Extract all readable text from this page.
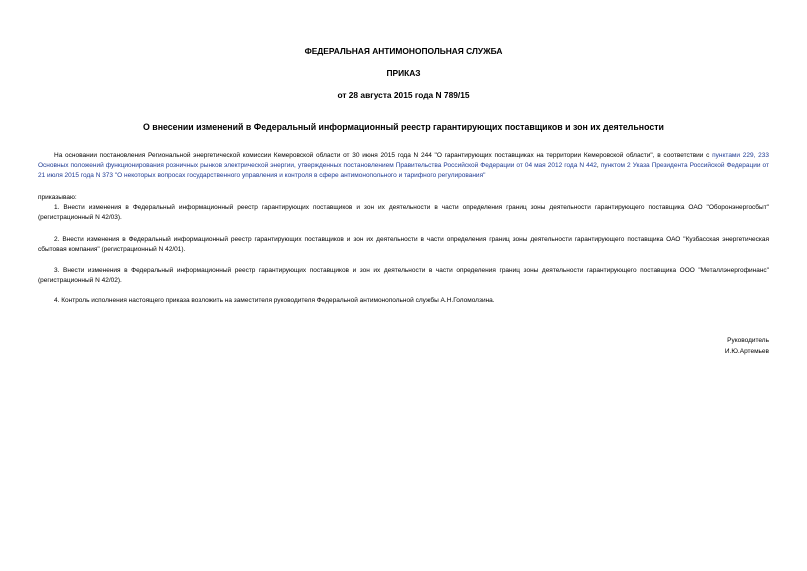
ФЕДЕРАЛЬНАЯ АНТИМОНОПОЛЬНАЯ СЛУЖБА
ПРИКАЗ
от 28 августа 2015 года N 789/15
О внесении изменений в Федеральный информационный реестр гарантирующих поставщиков и зон их деятельности
На основании постановления Региональной энергетической комиссии Кемеровской области от 30 июня 2015 года N 244 "О гарантирующих поставщиках на территории Кемеровской области", в соответствии с пунктами 229, 233 Основных положений функционирования розничных рынков электрической энергии, утвержденных постановлением Правительства Российской Федерации от 04 мая 2012 года N 442, пунктом 2 Указа Президента Российской Федерации от 21 июля 2015 года N 373 "О некоторых вопросах государственного управления и контроля в сфере антимонопольного и тарифного регулирования"
приказываю:
1. Внести изменения в Федеральный информационный реестр гарантирующих поставщиков и зон их деятельности в части определения границ зоны деятельности гарантирующего поставщика ОАО "Оборонэнергосбыт" (регистрационный N 42/03).
2. Внести изменения в Федеральный информационный реестр гарантирующих поставщиков и зон их деятельности в части определения границ зоны деятельности гарантирующего поставщика ОАО "Кузбасская энергетическая сбытовая компания" (регистрационный N 42/01).
3. Внести изменения в Федеральный информационный реестр гарантирующих поставщиков и зон их деятельности в части определения границ зоны деятельности гарантирующего поставщика ООО "Металлэнергофинанс" (регистрационный N 42/02).
4. Контроль исполнения настоящего приказа возложить на заместителя руководителя Федеральной антимонопольной службы А.Н.Голомолзина.
Руководитель
И.Ю.Артемьев
